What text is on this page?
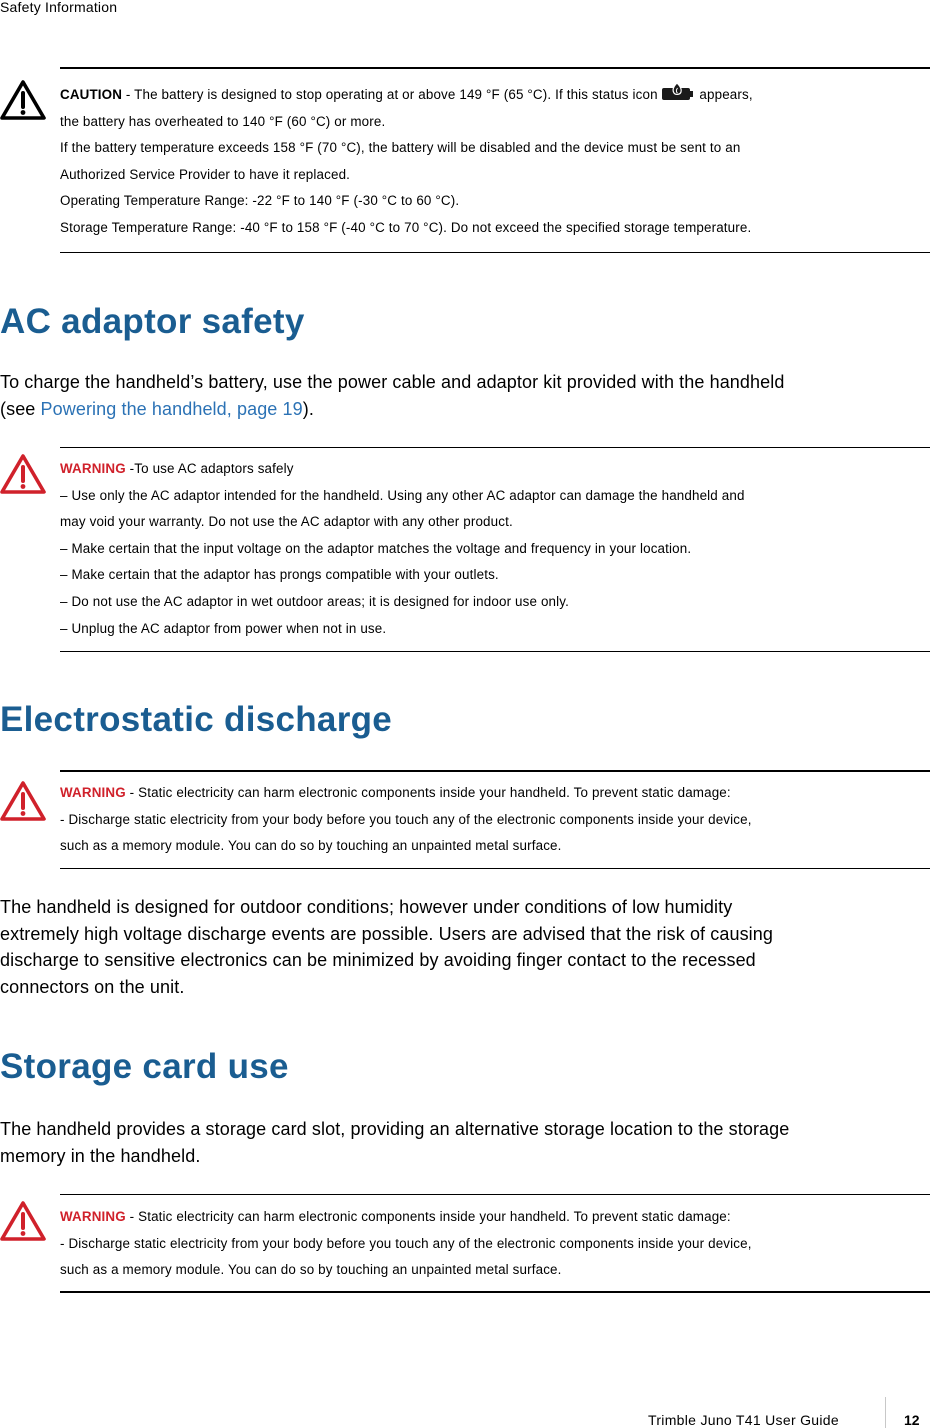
Safety Information
CAUTION - The battery is designed to stop operating at or above 149 °F (65 °C). If this status icon	appears,
the battery has overheated to 140 °F (60 °C) or more.
If the battery temperature exceeds 158 °F (70 °C), the battery will be disabled and the device must be sent to an
Authorized Service Provider to have it replaced.
Operating Temperature Range: -22 °F to 140 °F (-30 °C to 60 °C).
Storage Temperature Range: -40 °F to 158 °F (-40 °C to 70 °C). Do not exceed the specified storage temperature.
AC adaptor safety
To charge the handheld’s battery, use the power cable and adaptor kit provided with the handheld
(see Powering the handheld, page 19).
WARNING -To use AC adaptors safely
– Use only the AC adaptor intended for the handheld. Using any other AC adaptor can damage the handheld and
may void your warranty. Do not use the AC adaptor with any other product.
– Make certain that the input voltage on the adaptor matches the voltage and frequency in your location.
– Make certain that the adaptor has prongs compatible with your outlets.
– Do not use the AC adaptor in wet outdoor areas; it is designed for indoor use only.
– Unplug the AC adaptor from power when not in use.
Electrostatic discharge
WARNING - Static electricity can harm electronic components inside your handheld. To prevent static damage:
- Discharge static electricity from your body before you touch any of the electronic components inside your device,
such as a memory module. You can do so by touching an unpainted metal surface.
The handheld is designed for outdoor conditions; however under conditions of low humidity
extremely high voltage discharge events are possible. Users are advised that the risk of causing
discharge to sensitive electronics can be minimized by avoiding finger contact to the recessed
connectors on the unit.
Storage card use
The handheld provides a storage card slot, providing an alternative storage location to the storage
memory in the handheld.
WARNING - Static electricity can harm electronic components inside your handheld. To prevent static damage:
- Discharge static electricity from your body before you touch any of the electronic components inside your device,
such as a memory module. You can do so by touching an unpainted metal surface.
Trimble Juno T41 User Guide	12
